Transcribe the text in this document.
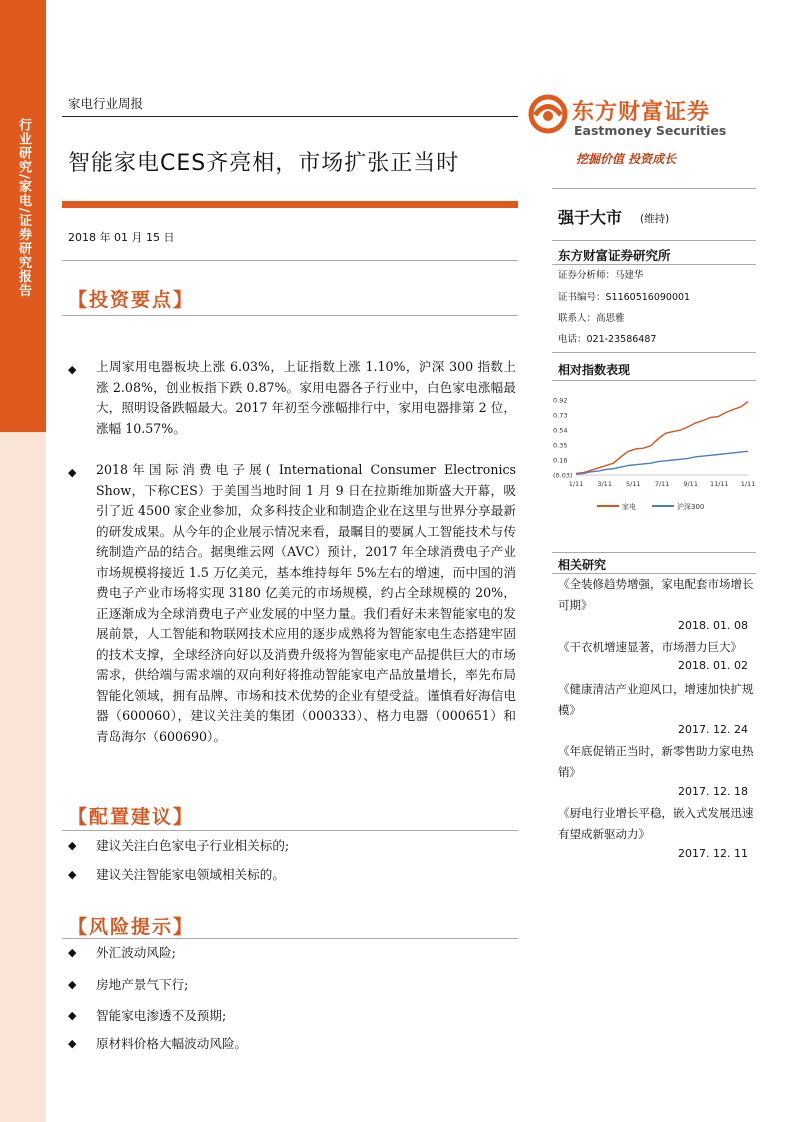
行业研究/家电/证券研究报告
家电行业周报
智能家电CES齐亮相，市场扩张正当时
2018 年 01 月 15 日
东方财富证券
Eastmoney Securities
挖掘价值 投资成长
强于大市 (维持)
东方财富证券研究所
证券分析师：马建华
证书编号：S1160516090001
联系人：高思雅
电话：021-23586487
相对指数表现
0.92
0.73
0.54
0.35
0.16
(0.03)
1/11 3/11 5/11 7/11 9/11 11/11 1/11
家电	沪深300
相关研究
《全装修趋势增强，家电配套市场增长可期》
2018. 01. 08
《干衣机增速显著，市场潜力巨大》
2018. 01. 02
《健康清洁产业迎风口，增速加快扩规模》
2017. 12. 24
《年底促销正当时，新零售助力家电热销》
2017. 12. 18
《厨电行业增长平稳，嵌入式发展迅速有望成新驱动力》
2017. 12. 11
【投资要点】
◆ 上周家用电器板块上涨 6.03%，上证指数上涨 1.10%，沪深 300 指数上涨 2.08%，创业板指下跌 0.87%。家用电器各子行业中，白色家电涨幅最大，照明设备跌幅最大。2017 年初至今涨幅排行中，家用电器排第 2 位， 涨幅 10.57%。
◆ 2018年国际消费电子展( International Consumer Electronics Show，下称CES）于美国当地时间 1 月 9 日在拉斯维加斯盛大开幕，吸引了近 4500 家企业参加，众多科技企业和制造企业在这里与世界分享最新的研发成果。从今年的企业展示情况来看，最瞩目的要属人工智能技术与传统制造产品的结合。据奥维云网（AVC）预计，2017 年全球消费电子产业市场规模将接近 1.5 万亿美元，基本维持每年 5%左右的增速，而中国的消费电子产业市场将实现 3180 亿美元的市场规模，约占全球规模的 20%，正逐渐成为全球消费电子产业发展的中坚力量。我们看好未来智能家电的发展前景，人工智能和物联网技术应用的逐步成熟将为智能家电生态搭建牢固的技术支撑，全球经济向好以及消费升级将为智能家电产品提供巨大的市场需求，供给端与需求端的双向利好将推动智能家电产品放量增长，率先布局智能化领域，拥有品牌、市场和技术优势的企业有望受益。谨慎看好海信电器（600060），建议关注美的集团（000333）、格力电器（000651）和青岛海尔（600690）。
【配置建议】
◆ 建议关注白色家电子行业相关标的;
◆ 建议关注智能家电领域相关标的。
【风险提示】
◆ 外汇波动风险;
◆ 房地产景气下行;
◆ 智能家电渗透不及预期;
◆ 原材料价格大幅波动风险。
